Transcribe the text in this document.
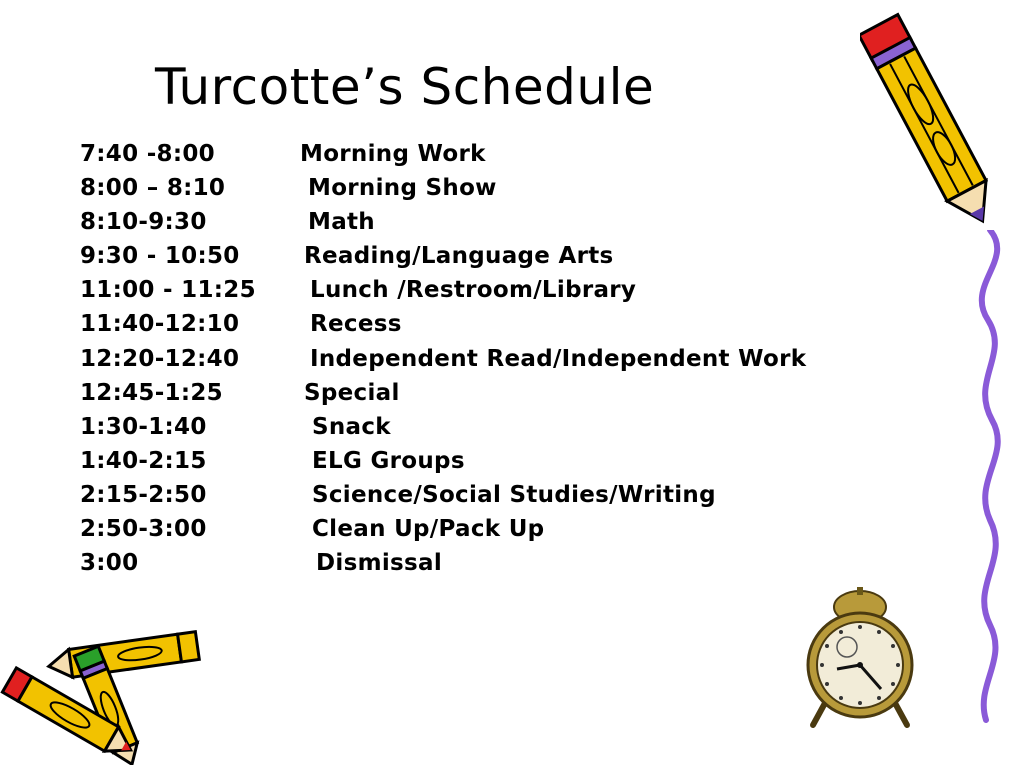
Turcotte’s Schedule
7:40 -8:00	Morning Work
8:00 – 8:10	Morning Show
8:10-9:30	Math
9:30 - 10:50	Reading/Language Arts
11:00 - 11:25 Lunch /Restroom/Library
11:40-12:10	Recess
12:20-12:40	Independent Read/Independent Work
12:45-1:25	Special
1:30-1:40	Snack
1:40-2:15	ELG Groups
2:15-2:50	Science/Social Studies/Writing
2:50-3:00	Clean Up/Pack Up
3:00	Dismissal
